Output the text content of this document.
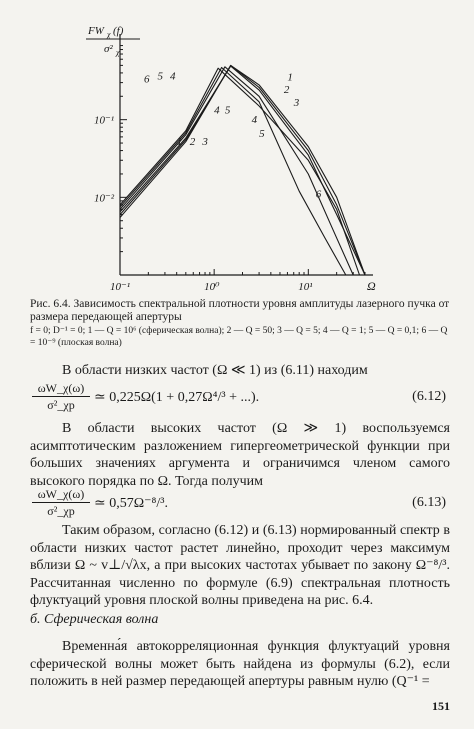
10⁻¹
10⁻²
10⁻¹	10⁰	10¹	Ω
FW χ (f)
σ² χ
6 5 4
1 2 3
4 5
1
2
3
4
5
6
Рис. 6.4. Зависимость спектральной плотности уровня амплитуды лазерного пучка от размера передающей апертуры
f = 0; D⁻¹ = 0; 1 — Q = 10⁶ (сферическая волна); 2 — Q = 50; 3 — Q = 5; 4 — Q = 1; 5 — Q = 0,1; 6 — Q = 10⁻⁹ (плоская волна)
В области низких частот (Ω ≪ 1) из (6.11) находим
$\frac{\omega W\_\chi(\omega)}{\text{σ²\_χp}}$ ≃ 0,225Ω(1 + 0,27Ω⁴/³ + ...).	(6.12)
В области высоких частот (Ω ≫ 1) воспользуемся асимптотическим разложением гипергеометрической функции при больших значениях аргумента и ограничимся членом самого высокого порядка по Ω. Тогда получим
$\frac{\omega W\_\chi(\omega)}{\text{σ²\_χp}}$ ≃ 0,57Ω⁻⁸/³.	(6.13)
Таким образом, согласно (6.12) и (6.13) нормированный спектр в области низких частот растет линейно, проходит через максимум вблизи Ω ~ v⊥/√λx, а при высоких частотах убывает по закону Ω⁻⁸/³. Рассчитанная численно по формуле (6.9) спектральная плотность флуктуаций уровня плоской волны приведена на рис. 6.4.
б. Сферическая волна
Временна́я автокорреляционная функция флуктуаций уровня сферической волны может быть найдена из формулы (6.2), если положить в ней размер передающей апертуры равным нулю (Q⁻¹ =
151
